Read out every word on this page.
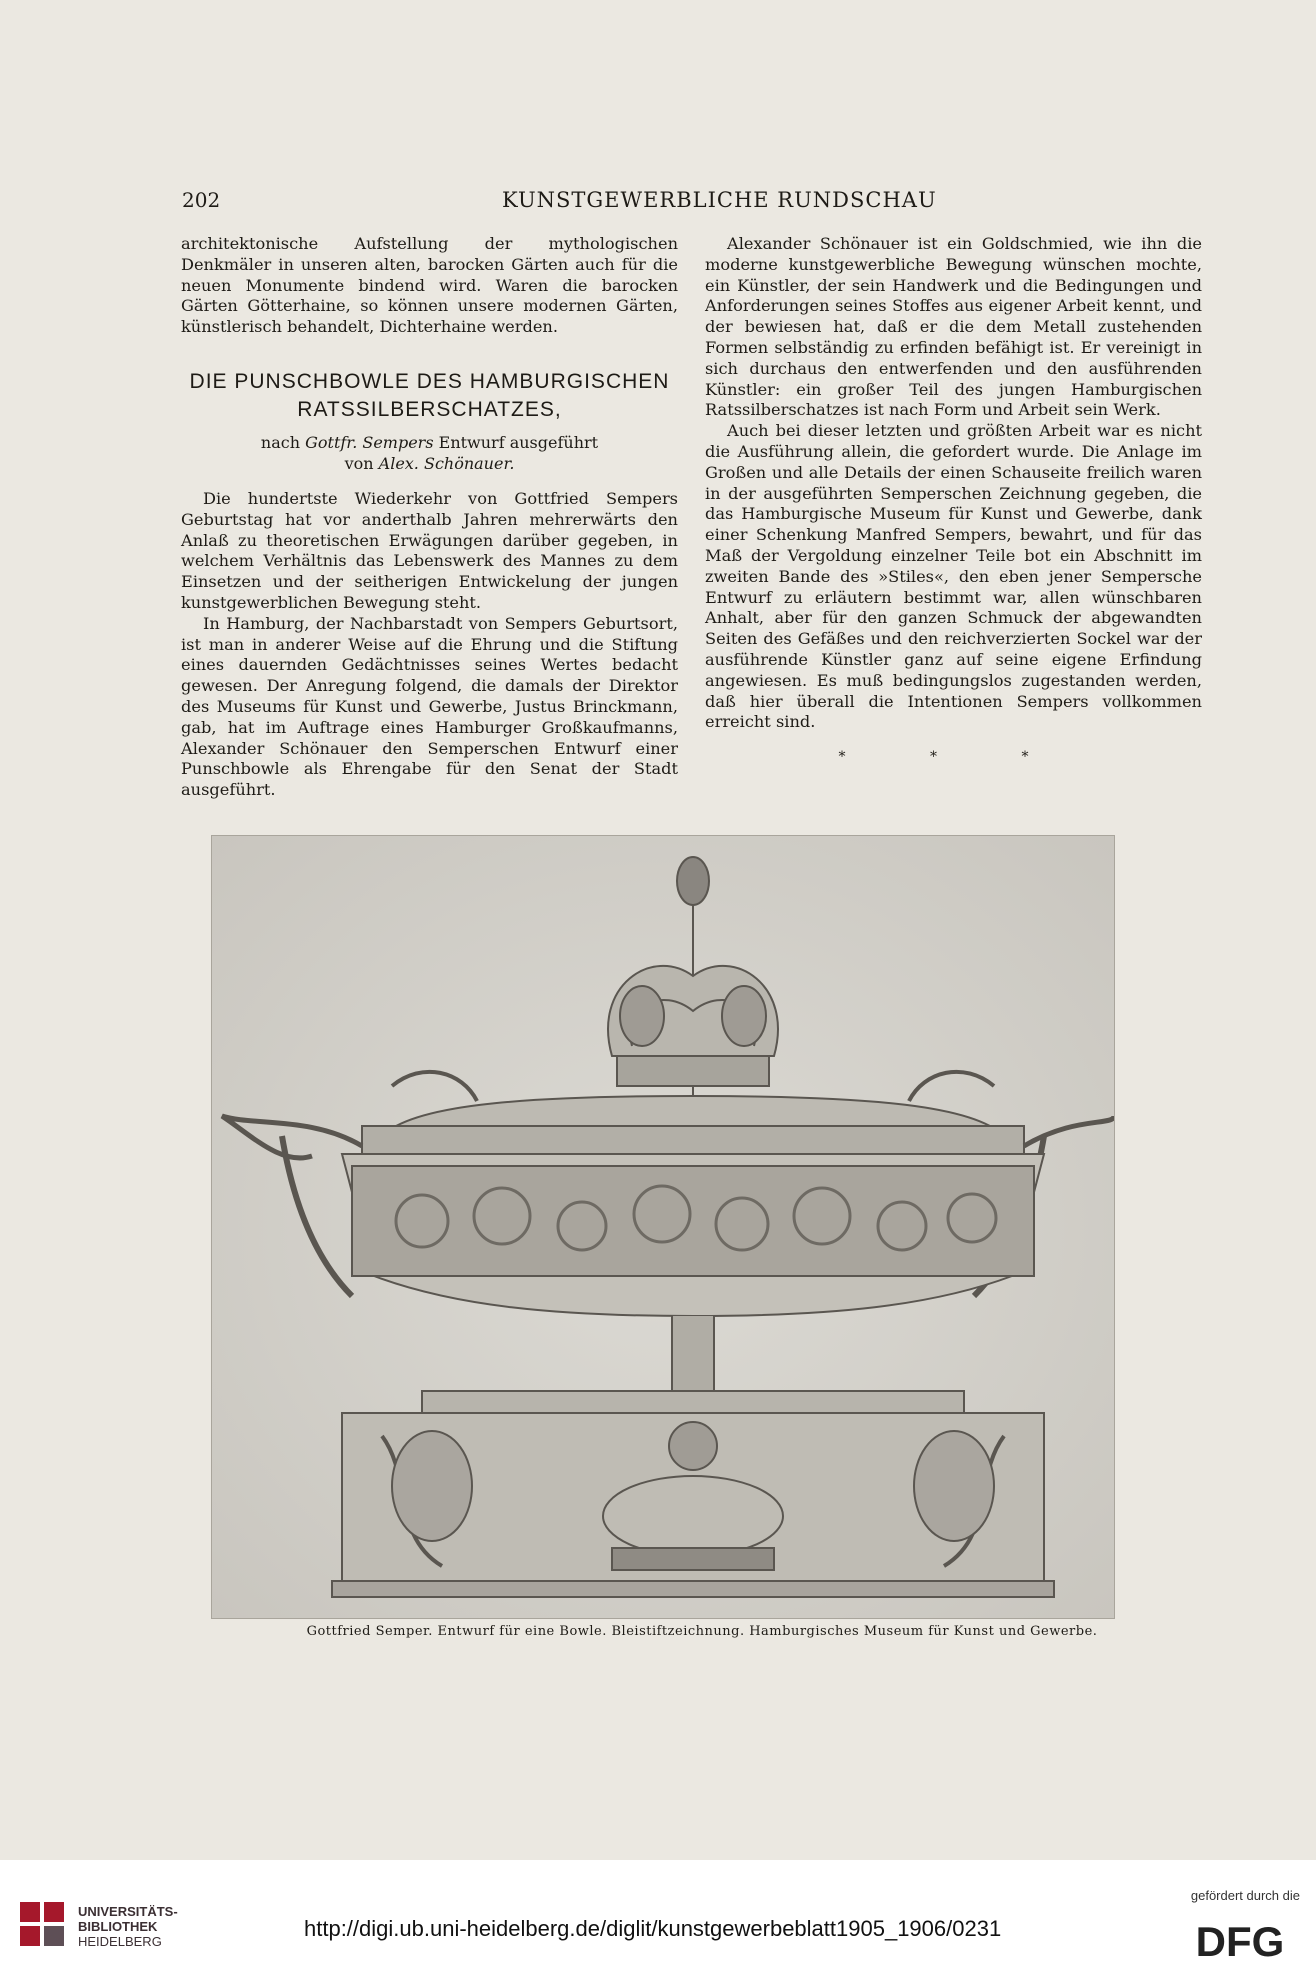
202	KUNSTGEWERBLICHE RUNDSCHAU

architektonische Aufstellung der mythologischen Denkmäler in unseren alten, barocken Gärten auch für die neuen Monumente bindend wird. Waren die barocken Gärten Götterhaine, so können unsere modernen Gärten, künstlerisch behandelt, Dichterhaine werden.

DIE PUNSCHBOWLE DES HAMBURGISCHEN
RATSSILBERSCHATZES,
nach Gottfr. Sempers Entwurf ausgeführt
von Alex. Schönauer.

Die hundertste Wiederkehr von Gottfried Sempers Geburtstag hat vor anderthalb Jahren mehrerwärts den Anlaß zu theoretischen Erwägungen darüber gegeben, in welchem Verhältnis das Lebenswerk des Mannes zu dem Einsetzen und der seitherigen Entwickelung der jungen kunstgewerblichen Bewegung steht.

In Hamburg, der Nachbarstadt von Sempers Geburtsort, ist man in anderer Weise auf die Ehrung und die Stiftung eines dauernden Gedächtnisses seines Wertes bedacht gewesen. Der Anregung folgend, die damals der Direktor des Museums für Kunst und Gewerbe, Justus Brinckmann, gab, hat im Auftrage eines Hamburger Großkaufmanns, Alexander Schönauer den Semperschen Entwurf einer Punschbowle als Ehrengabe für den Senat der Stadt ausgeführt.

Alexander Schönauer ist ein Goldschmied, wie ihn die moderne kunstgewerbliche Bewegung wünschen mochte, ein Künstler, der sein Handwerk und die Bedingungen und Anforderungen seines Stoffes aus eigener Arbeit kennt, und der bewiesen hat, daß er die dem Metall zustehenden Formen selbständig zu erfinden befähigt ist. Er vereinigt in sich durchaus den entwerfenden und den ausführenden Künstler: ein großer Teil des jungen Hamburgischen Ratssilberschatzes ist nach Form und Arbeit sein Werk.

Auch bei dieser letzten und größten Arbeit war es nicht die Ausführung allein, die gefordert wurde. Die Anlage im Großen und alle Details der einen Schauseite freilich waren in der ausgeführten Semperschen Zeichnung gegeben, die das Hamburgische Museum für Kunst und Gewerbe, dank einer Schenkung Manfred Sempers, bewahrt, und für das Maß der Vergoldung einzelner Teile bot ein Abschnitt im zweiten Bande des »Stiles«, den eben jener Sempersche Entwurf zu erläutern bestimmt war, allen wünschbaren Anhalt, aber für den ganzen Schmuck der abgewandten Seiten des Gefäßes und den reichverzierten Sockel war der ausführende Künstler ganz auf seine eigene Erfindung angewiesen. Es muß bedingungslos zugestanden werden, daß hier überall die Intentionen Sempers vollkommen erreicht sind.

* * *
Gottfried Semper. Entwurf für eine Bowle. Bleistiftzeichnung. Hamburgisches Museum für Kunst und Gewerbe.
UNIVERSITÄTS-
BIBLIOTHEK
HEIDELBERG
http://digi.ub.uni-heidelberg.de/diglit/kunstgewerbeblatt1905_1906/0231
gefördert durch die
DFG
